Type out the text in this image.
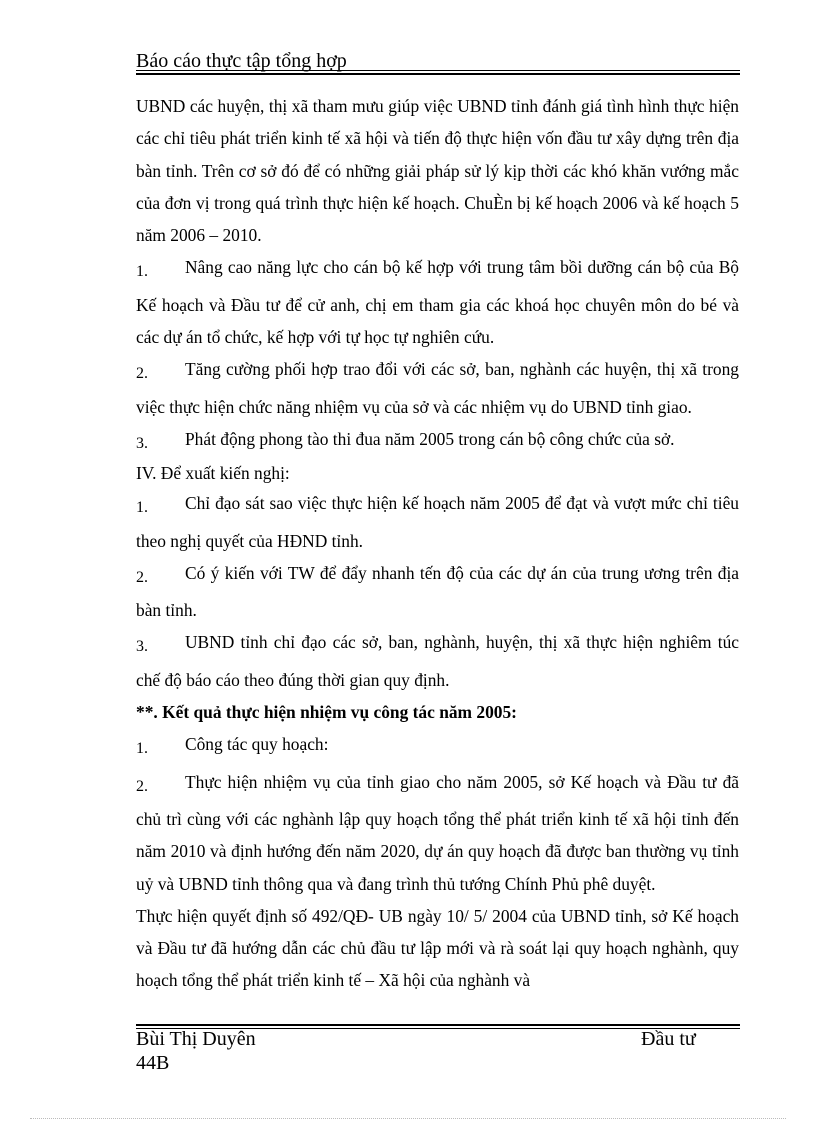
Báo cáo thực tập tổng hợp

UBND các huyện, thị xã tham mưu giúp việc UBND tỉnh đánh giá tình hình thực hiện các chỉ tiêu phát triển kinh tế xã hội và tiến độ thực hiện vốn đầu tư xây dựng trên địa bàn tỉnh. Trên cơ sở đó để có những giải pháp sử lý kịp thời các khó khăn vướng mắc của đơn vị trong quá trình thực hiện kế hoạch. ChuÈn bị kế hoạch 2006 và kế hoạch 5 năm 2006 – 2010.

1. Nâng cao năng lực cho cán bộ kế hợp với trung tâm bồi dưỡng cán bộ của Bộ Kế hoạch và Đầu tư để cử anh, chị em tham gia các khoá học chuyên môn do bé và các dự án tổ chức, kế hợp với tự học tự nghiên cứu.

2. Tăng cường phối hợp trao đổi với các sở, ban, nghành các huyện, thị xã trong việc thực hiện chức năng nhiệm vụ của sở và các nhiệm vụ do UBND tỉnh giao.

3. Phát động phong tào thi đua năm 2005 trong cán bộ công chức của sở.

IV. Để xuất kiến nghị:

1. Chỉ đạo sát sao việc thực hiện kế hoạch năm 2005 để đạt và vượt mức chỉ tiêu theo nghị quyết của HĐND tỉnh.

2. Có ý kiến với TW để đẩy nhanh tến độ của các dự án của trung ương trên địa bàn tỉnh.

3. UBND tỉnh chỉ đạo các sở, ban, nghành, huyện, thị xã thực hiện nghiêm túc chế độ báo cáo theo đúng thời gian quy định.

**. Kết quả thực hiện nhiệm vụ công tác năm 2005:

1. Công tác quy hoạch:

2. Thực hiện nhiệm vụ của tỉnh giao cho năm 2005, sở Kế hoạch và Đầu tư đã chủ trì cùng với các nghành lập quy hoạch tổng thể phát triển kinh tế xã hội tỉnh đến năm 2010 và định hướng đến năm 2020, dự án quy hoạch đã được ban thường vụ tỉnh uỷ và UBND tỉnh thông qua và đang trình thủ tướng Chính Phủ phê duyệt.

Thực hiện quyết định số 492/QĐ- UB ngày 10/ 5/ 2004 của UBND tỉnh, sở Kế hoạch và Đầu tư đã hướng dẫn các chủ đầu tư lập mới và rà soát lại quy hoạch nghành, quy hoạch tổng thể phát triển kinh tế – Xã hội của nghành và

Bùi Thị Duyên
44B
Đầu tư
